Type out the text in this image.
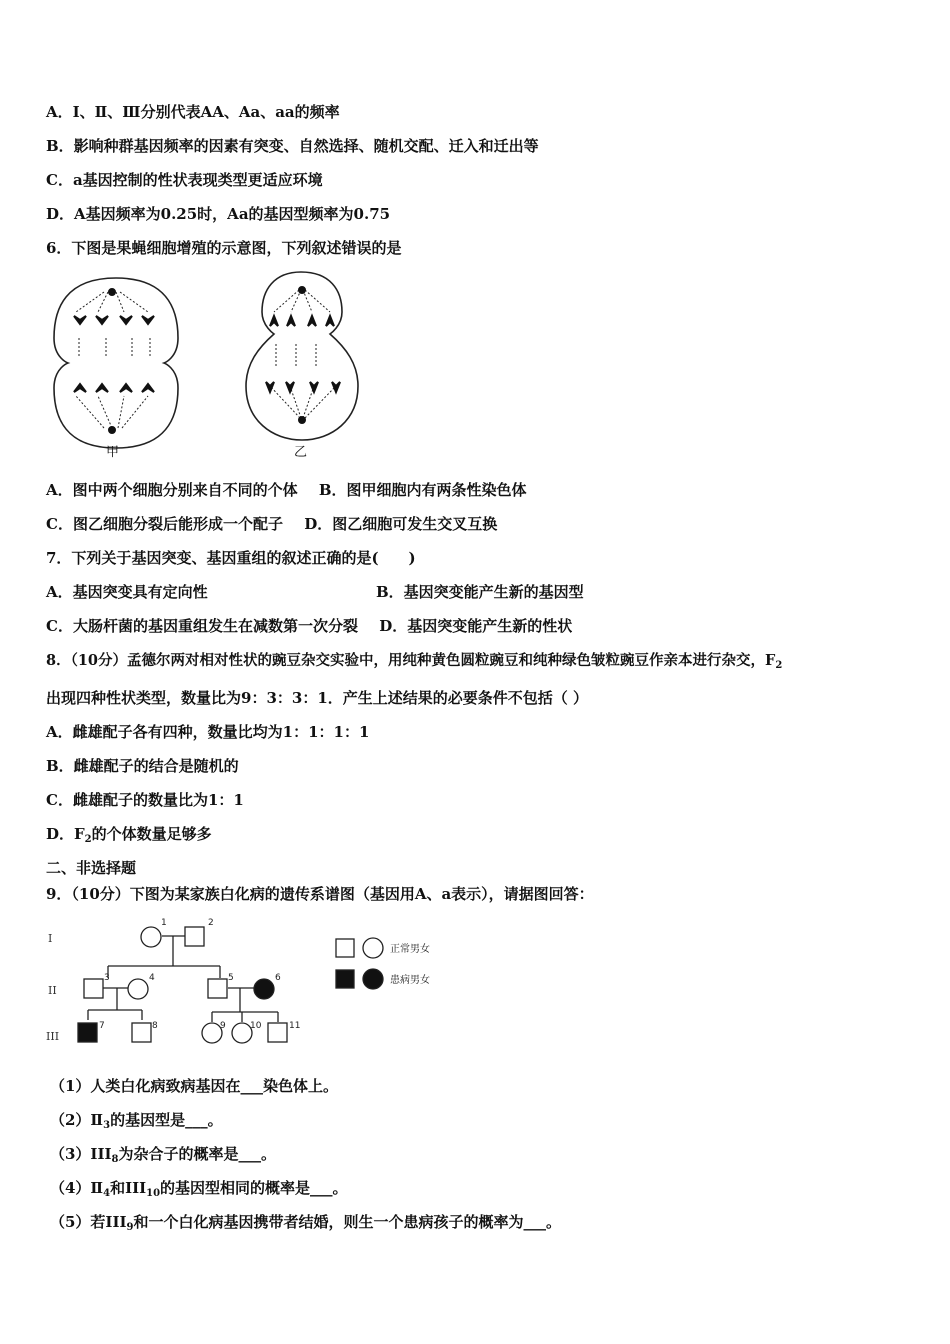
A．Ⅰ、Ⅱ、Ⅲ分别代表AA、Aa、aa的频率
B．影响种群基因频率的因素有突变、自然选择、随机交配、迁入和迁出等
C．a基因控制的性状表现类型更适应环境
D．A基因频率为0.25时，Aa的基因型频率为0.75
6．下图是果蝇细胞增殖的示意图，下列叙述错误的是
甲	乙
A．图中两个细胞分别来自不同的个体 B．图甲细胞内有两条性染色体
C．图乙细胞分裂后能形成一个配子 D．图乙细胞可发生交叉互换
7．下列关于基因突变、基因重组的叙述正确的是(　　)
A．基因突变具有定向性	B．基因突变能产生新的基因型
C．大肠杆菌的基因重组发生在减数第一次分裂 D．基因突变能产生新的性状
8．（10分）孟德尔两对相对性状的豌豆杂交实验中，用纯种黄色圆粒豌豆和纯种绿色皱粒豌豆作亲本进行杂交，$F_2$
出现四种性状类型，数量比为9：3：3：1．产生上述结果的必要条件不包括（ ）
A．雌雄配子各有四种，数量比均为1：1：1：1
B．雌雄配子的结合是随机的
C．雌雄配子的数量比为1：1
D．$F_2$的个体数量足够多
二、非选择题
9．（10分）下图为某家族白化病的遗传系谱图（基因用A、a表示），请据图回答：
I
II
III
1	2
3	4	5	6
7	8	9	10	11
正常男女
患病男女
（1）人类白化病致病基因在___染色体上。
$(2)Ⅱ_3$的基因型是___。
$(3)III_8$为杂合子的概率是___。
$(4)Ⅱ_4$和$III_{10}$的基因型相同的概率是___。
（5）若$III_9$和一个白化病基因携带者结婚，则生一个患病孩子的概率为___。
